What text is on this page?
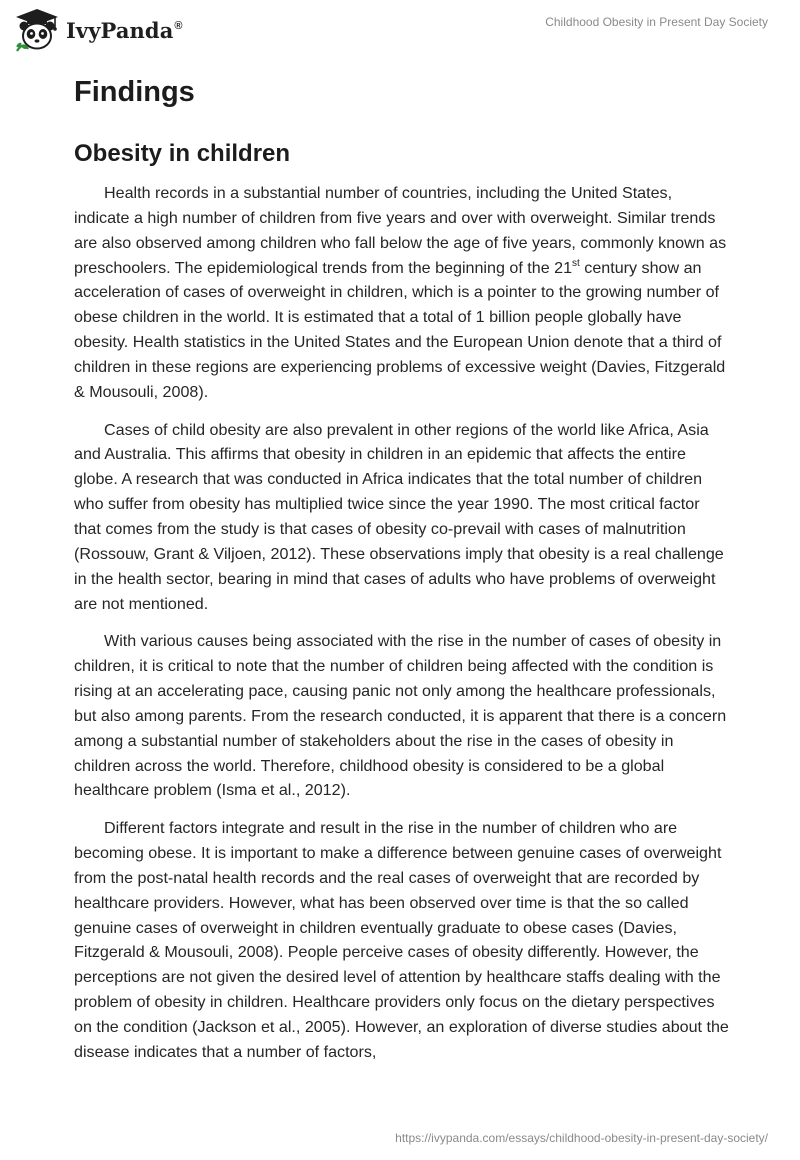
IvyPanda®	Childhood Obesity in Present Day Society
Findings
Obesity in children

Health records in a substantial number of countries, including the United States, indicate a high number of children from five years and over with overweight. Similar trends are also observed among children who fall below the age of five years, commonly known as preschoolers. The epidemiological trends from the beginning of the 21st century show an acceleration of cases of overweight in children, which is a pointer to the growing number of obese children in the world. It is estimated that a total of 1 billion people globally have obesity. Health statistics in the United States and the European Union denote that a third of children in these regions are experiencing problems of excessive weight (Davies, Fitzgerald & Mousouli, 2008).

Cases of child obesity are also prevalent in other regions of the world like Africa, Asia and Australia. This affirms that obesity in children in an epidemic that affects the entire globe. A research that was conducted in Africa indicates that the total number of children who suffer from obesity has multiplied twice since the year 1990. The most critical factor that comes from the study is that cases of obesity co-prevail with cases of malnutrition (Rossouw, Grant & Viljoen, 2012). These observations imply that obesity is a real challenge in the health sector, bearing in mind that cases of adults who have problems of overweight are not mentioned.

With various causes being associated with the rise in the number of cases of obesity in children, it is critical to note that the number of children being affected with the condition is rising at an accelerating pace, causing panic not only among the healthcare professionals, but also among parents. From the research conducted, it is apparent that there is a concern among a substantial number of stakeholders about the rise in the cases of obesity in children across the world. Therefore, childhood obesity is considered to be a global healthcare problem (Isma et al., 2012).

Different factors integrate and result in the rise in the number of children who are becoming obese. It is important to make a difference between genuine cases of overweight from the post-natal health records and the real cases of overweight that are recorded by healthcare providers. However, what has been observed over time is that the so called genuine cases of overweight in children eventually graduate to obese cases (Davies, Fitzgerald & Mousouli, 2008). People perceive cases of obesity differently. However, the perceptions are not given the desired level of attention by healthcare staffs dealing with the problem of obesity in children. Healthcare providers only focus on the dietary perspectives on the condition (Jackson et al., 2005). However, an exploration of diverse studies about the disease indicates that a number of factors,

https://ivypanda.com/essays/childhood-obesity-in-present-day-society/
